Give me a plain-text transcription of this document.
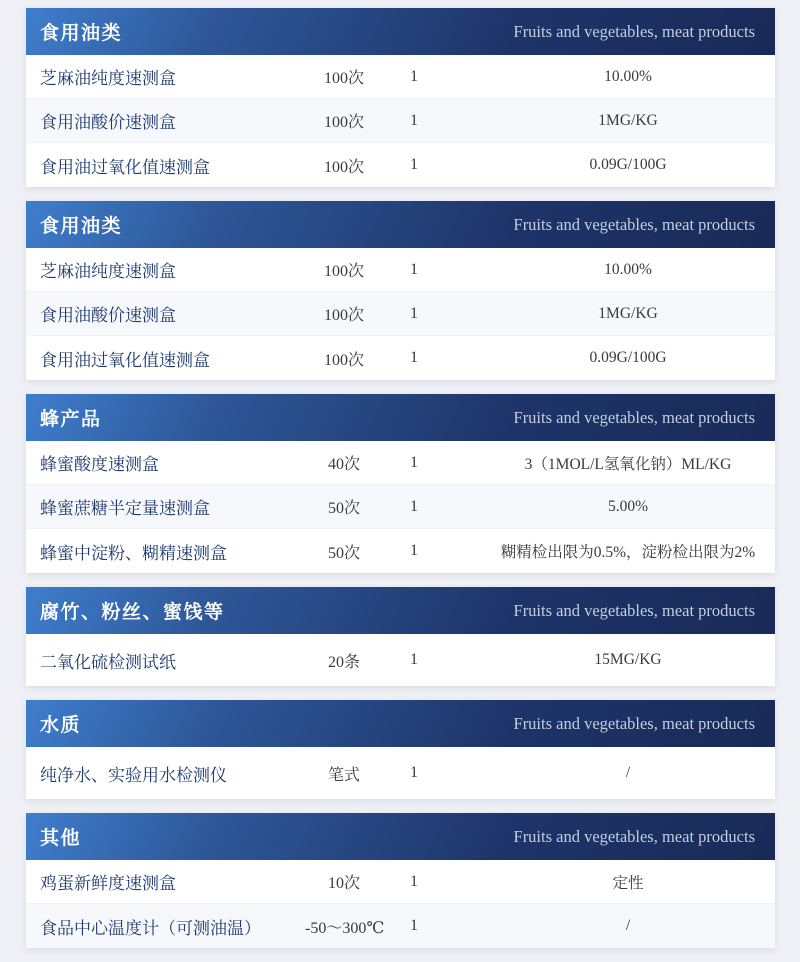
食用油类	Fruits and vegetables, meat products
芝麻油纯度速测盒	100次	1	10.00%
食用油酸价速测盒	100次	1	1MG/KG
食用油过氧化值速测盒	100次	1	0.09G/100G
食用油类	Fruits and vegetables, meat products
芝麻油纯度速测盒	100次	1	10.00%
食用油酸价速测盒	100次	1	1MG/KG
食用油过氧化值速测盒	100次	1	0.09G/100G
蜂产品	Fruits and vegetables, meat products
蜂蜜酸度速测盒	40次	1	3（1MOL/L氢氧化钠）ML/KG
蜂蜜蔗糖半定量速测盒	50次	1	5.00%
蜂蜜中淀粉、糊精速测盒	50次	1	糊精检出限为0.5%，淀粉检出限为2%
腐竹、粉丝、蜜饯等	Fruits and vegetables, meat products
二氧化硫检测试纸	20条	1	15MG/KG
水质	Fruits and vegetables, meat products
纯净水、实验用水检测仪	笔式	1	/
其他	Fruits and vegetables, meat products
鸡蛋新鲜度速测盒	10次	1	定性
食品中心温度计（可测油温）	-50～300℃	1	/
